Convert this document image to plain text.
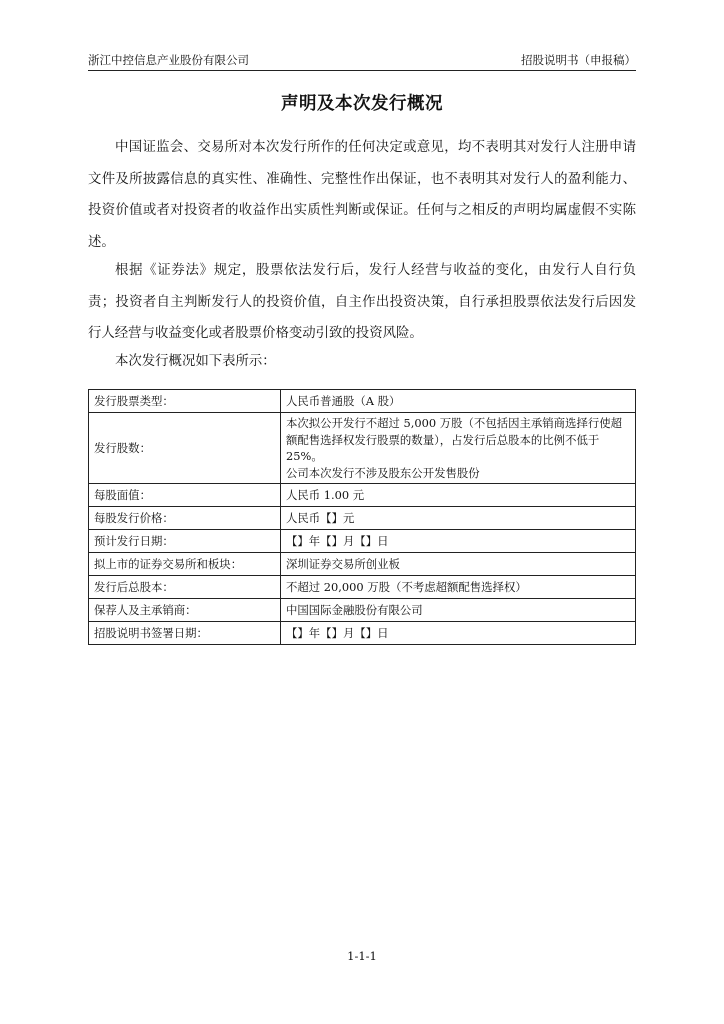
浙江中控信息产业股份有限公司	招股说明书（申报稿）
声明及本次发行概况

中国证监会、交易所对本次发行所作的任何决定或意见，均不表明其对发行人注册申请文件及所披露信息的真实性、准确性、完整性作出保证，也不表明其对发行人的盈利能力、投资价值或者对投资者的收益作出实质性判断或保证。任何与之相反的声明均属虚假不实陈述。

根据《证券法》规定，股票依法发行后，发行人经营与收益的变化，由发行人自行负责；投资者自主判断发行人的投资价值，自主作出投资决策，自行承担股票依法发行后因发行人经营与收益变化或者股票价格变动引致的投资风险。

本次发行概况如下表所示：

发行股票类型：	人民币普通股（A 股）
发行股数：	本次拟公开发行不超过 5,000 万股（不包括因主承销商选择行使超额配售选择权发行股票的数量），占发行后总股本的比例不低于 25%。
公司本次发行不涉及股东公开发售股份

每股面值：	人民币 1.00 元
每股发行价格：	人民币【】元
预计发行日期：	【】年【】月【】日
拟上市的证券交易所和板块：	深圳证券交易所创业板
发行后总股本：	不超过 20,000 万股（不考虑超额配售选择权）
保荐人及主承销商：	中国国际金融股份有限公司
招股说明书签署日期：	【】年【】月【】日
1-1-1
